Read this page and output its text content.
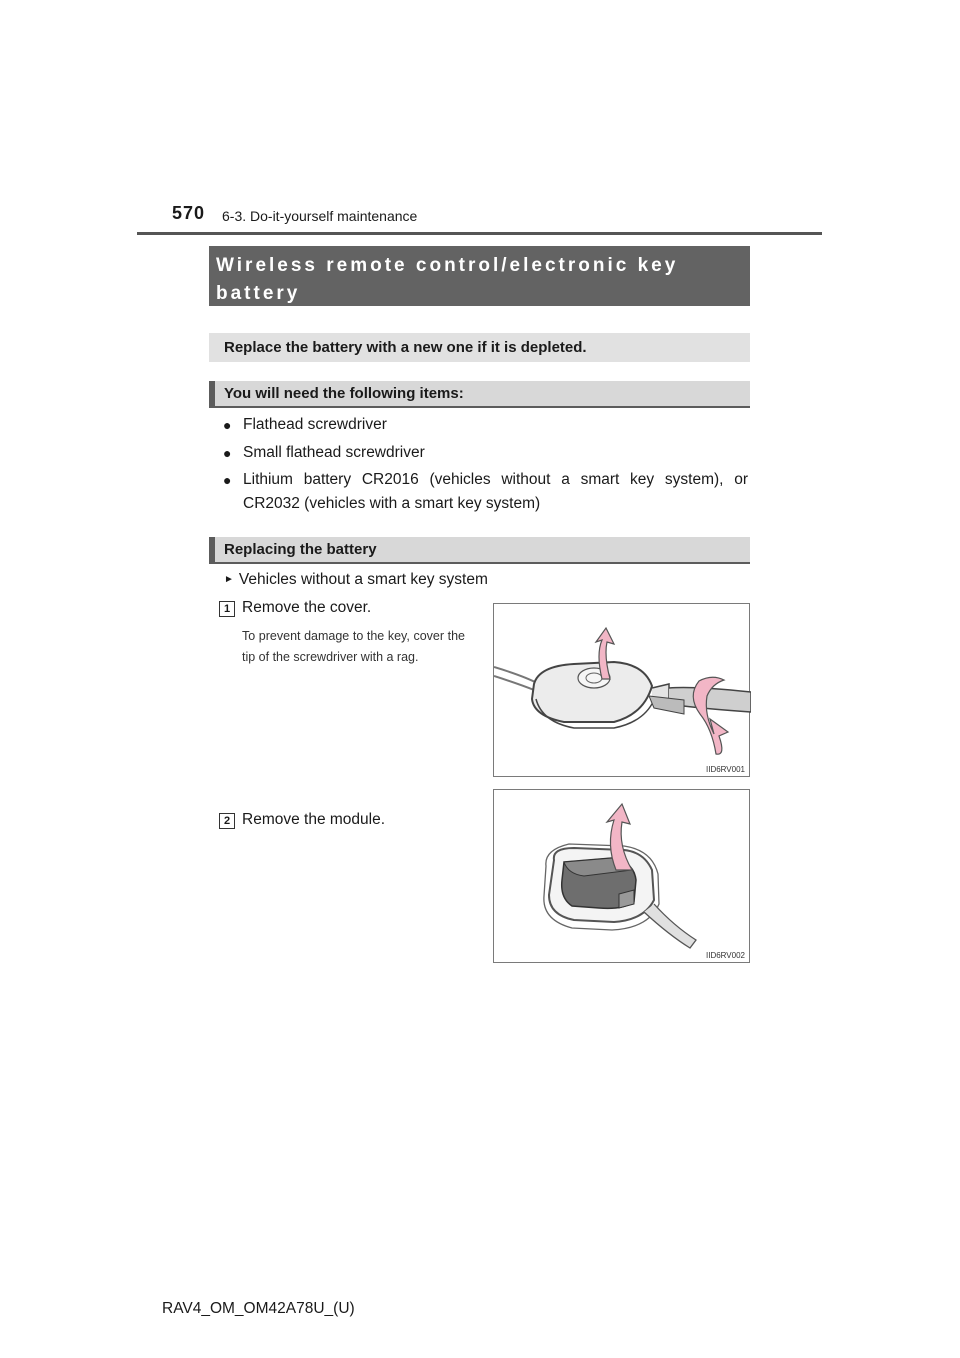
570 6-3. Do-it-yourself maintenance
Wireless remote control/electronic key battery
Replace the battery with a new one if it is depleted.
You will need the following items:
● Flathead screwdriver
● Small flathead screwdriver
● Lithium battery CR2016 (vehicles without a smart key system), or CR2032 (vehicles with a smart key system)
Replacing the battery
► Vehicles without a smart key system
1 Remove the cover.
To prevent damage to the key, cover the tip of the screwdriver with a rag.
IID6RV001
2 Remove the module.
IID6RV002
RAV4_OM_OM42A78U_(U)
